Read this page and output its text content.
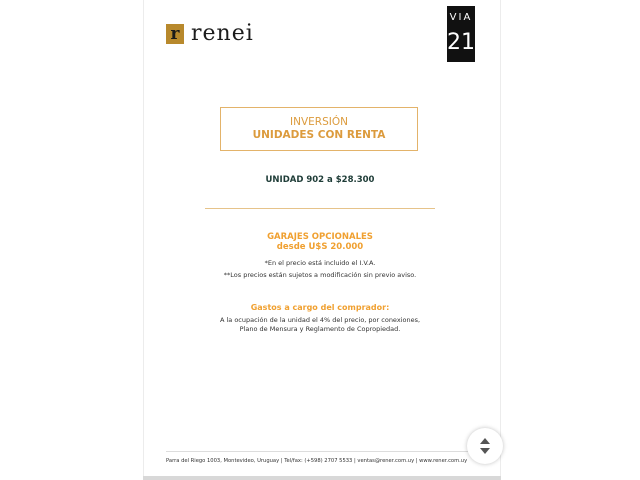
r renei
VIA
21
INVERSIÓN
UNIDADES CON RENTA
UNIDAD 902 a $28.300
GARAJES OPCIONALES
desde U$S 20.000
*En el precio está incluido el I.V.A.
**Los precios están sujetos a modificación sin previo aviso.
Gastos a cargo del comprador:
A la ocupación de la unidad el 4% del precio, por conexiones,
Plano de Mensura y Reglamento de Copropiedad.
Parra del Riego 1003, Montevideo, Uruguay | Tel/fax: (+598) 2707 5533 | ventas@rener.com.uy | www.rener.com.uy
